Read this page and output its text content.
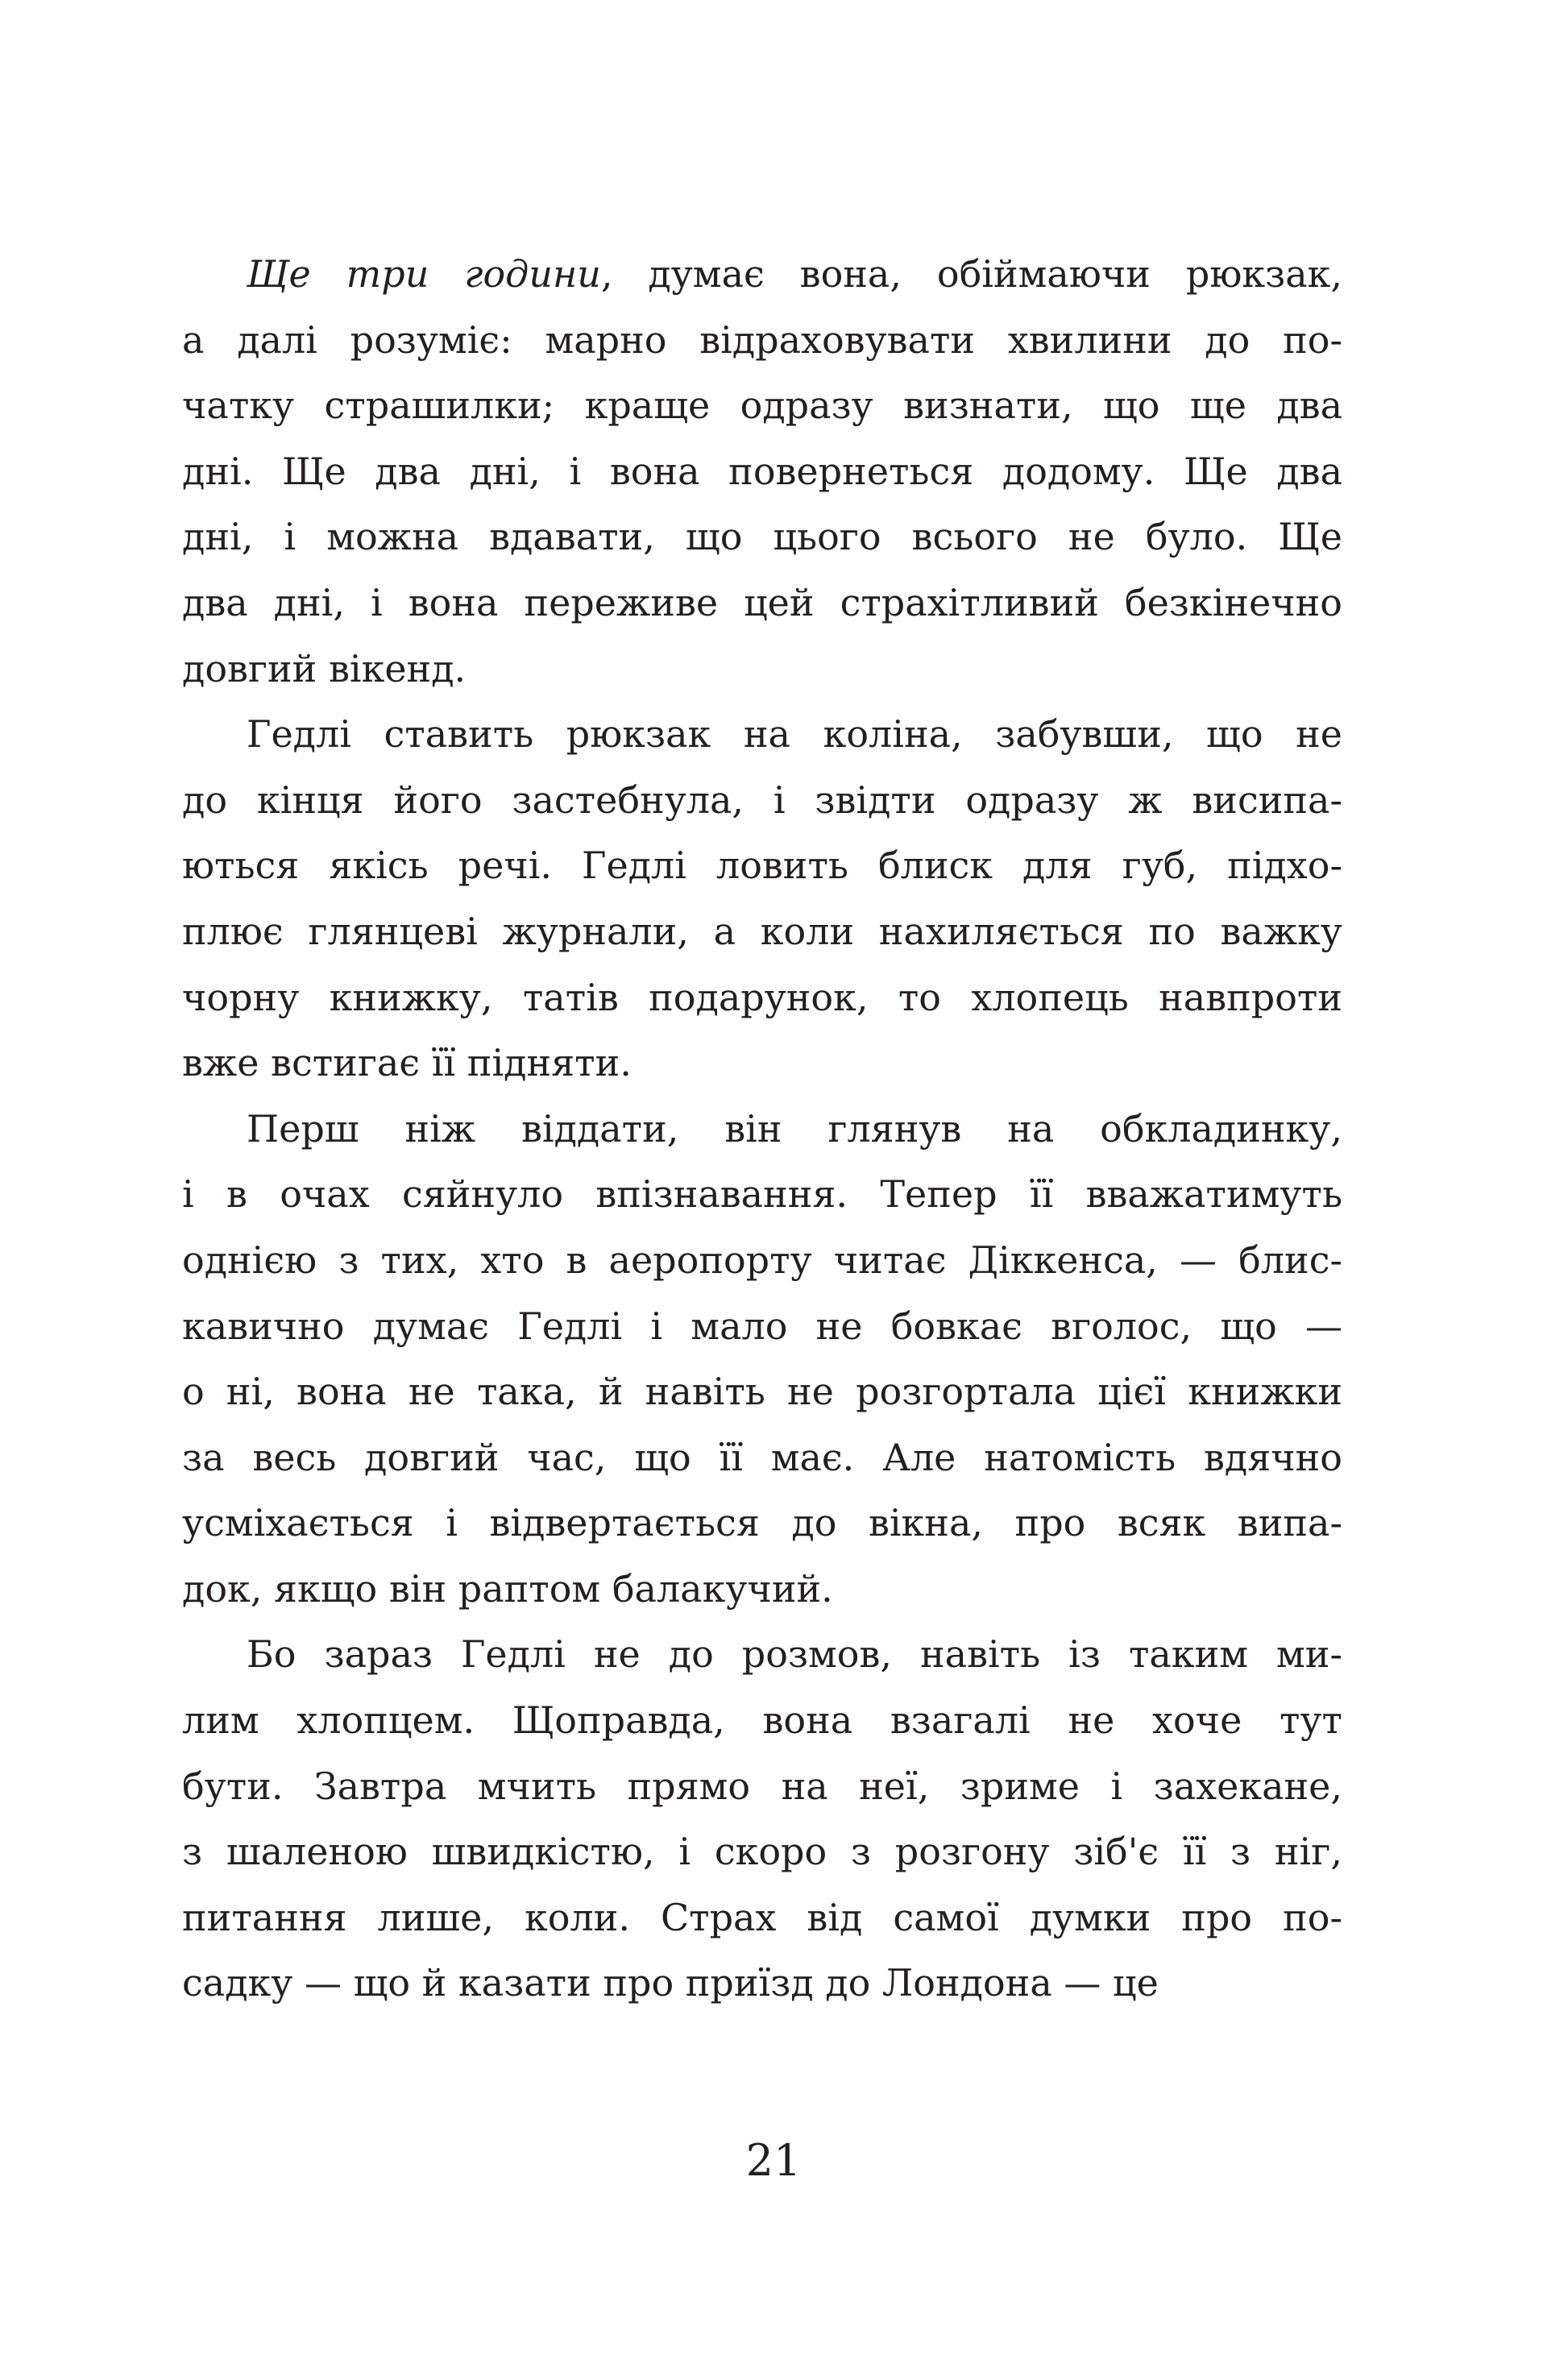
Ще три години, думає вона, обіймаючи рюкзак,
а далі розуміє: марно відраховувати хвилини до по-
чатку страшилки; краще одразу визнати, що ще два
дні. Ще два дні, і вона повернеться додому. Ще два
дні, і можна вдавати, що цього всього не було. Ще
два дні, і вона переживе цей страхітливий безкінечно
довгий вікенд.

Гедлі ставить рюкзак на коліна, забувши, що не
до кінця його застебнула, і звідти одразу ж висипа-
ються якісь речі. Гедлі ловить блиск для губ, підхо-
плює глянцеві журнали, а коли нахиляється по важку
чорну книжку, татів подарунок, то хлопець навпроти
вже встигає її підняти.

Перш ніж віддати, він глянув на обкладинку,
і в очах сяйнуло впізнавання. Тепер її вважатимуть
однією з тих, хто в аеропорту читає Діккенса, — блис-
кавично думає Гедлі і мало не бовкає вголос, що —
о ні, вона не така, й навіть не розгортала цієї книжки
за весь довгий час, що її має. Але натомість вдячно
усміхається і відвертається до вікна, про всяк випа-
док, якщо він раптом балакучий.

Бо зараз Гедлі не до розмов, навіть із таким ми-
лим хлопцем. Щоправда, вона взагалі не хоче тут
бути. Завтра мчить прямо на неї, зриме і захекане,
з шаленою швидкістю, і скоро з розгону зіб'є її з ніг,
питання лише, коли. Страх від самої думки про по-
садку — що й казати про приїзд до Лондона — це

21
